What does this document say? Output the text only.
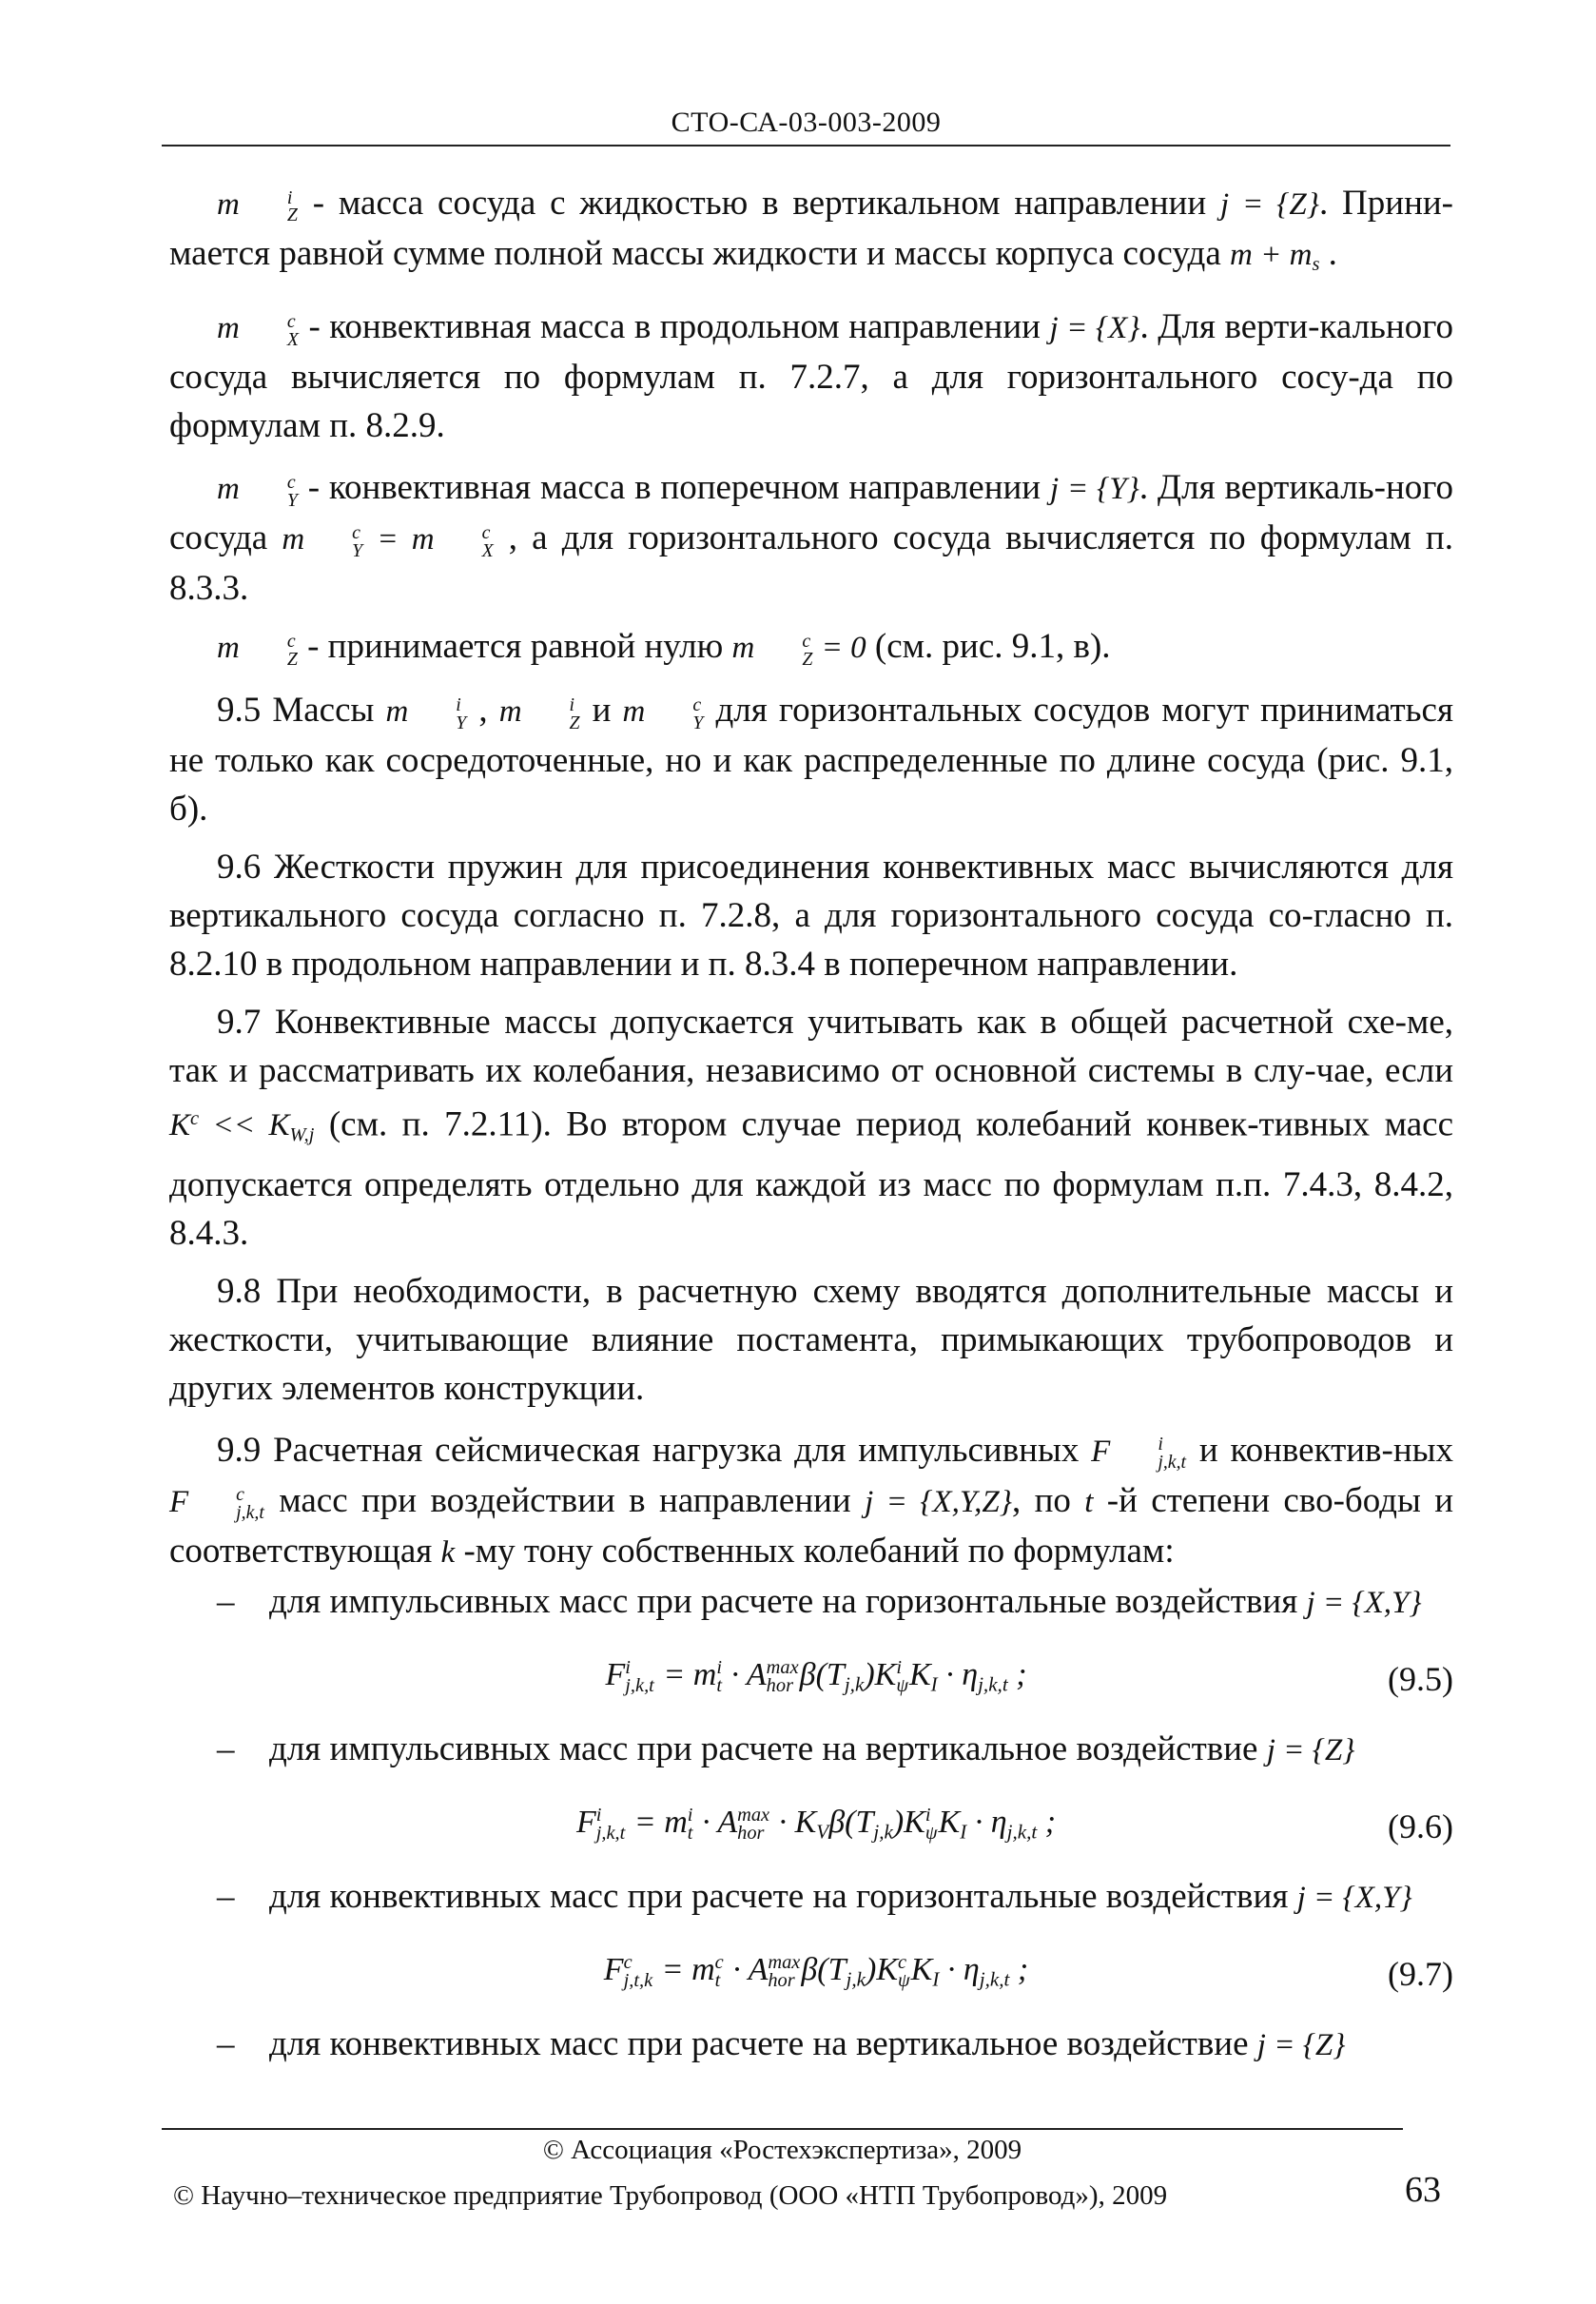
СТО-СА-03-003-2009

m	i
Z - масса сосуда с жидкостью в вертикальном направлении j = {Z}. Прини-мается равной сумме полной массы жидкости и массы корпуса сосуда $m + m_s$ .

m	c
X - конвективная масса в продольном направлении j = {X}. Для верти-кального сосуда вычисляется по формулам п. 7.2.7, а для горизонтального сосу-да по формулам п. 8.2.9.

m	c
Y - конвективная масса в поперечном направлении j = {Y}. Для вертикаль-ного сосуда m	c
Y = m	c
X , а для горизонтального сосуда вычисляется по формулам п. 8.3.3.

m	c
Z - принимается равной нулю m	c
Z = 0 (см. рис. 9.1, в).

9.5 Массы m	i
Y , m	i
Z и m	c
Y для горизонтальных сосудов могут приниматься не только как сосредоточенные, но и как распределенные по длине сосуда (рис. 9.1, б).

9.6 Жесткости пружин для присоединения конвективных масс вычисляются для вертикального сосуда согласно п. 7.2.8, а для горизонтального сосуда со-гласно п. 8.2.10 в продольном направлении и п. 8.3.4 в поперечном направлении.

9.7 Конвективные массы допускается учитывать как в общей расчетной схе-ме, так и рассматривать их колебания, независимо от основной системы в слу-чае, если $K^c << K_{W,j}$ (см. п. 7.2.11). Во втором случае период колебаний конвек-тивных масс допускается определять отдельно для каждой из масс по формулам п.п. 7.4.3, 8.4.2, 8.4.3.

9.8 При необходимости, в расчетную схему вводятся дополнительные массы и жесткости, учитывающие влияние постамента, примыкающих трубопроводов и других элементов конструкции.

9.9 Расчетная сейсмическая нагрузка для импульсивных F	i
j,k,t и конвектив-ных F	c
j,k,t масс при воздействии в направлении j = {X,Y,Z}, по t -й степени сво-боды и соответствующая k -му тону собственных колебаний по формулам:

– для импульсивных масс при расчете на горизонтальные воздействия j = {X,Y}

F i
j,k,t = m i
t · A max
hor $\beta(T_{j,k})K$ i
ψ $K_I \cdot \eta_{j,k,t}$ ;	(9.5)

– для импульсивных масс при расчете на вертикальное воздействие j = {Z}

F i
j,k,t = m i
t · A max
hor · $K_V\beta(T_{j,k})K$ i
ψ $K_I \cdot \eta_{j,k,t}$ ;	(9.6)

– для конвективных масс при расчете на горизонтальные воздействия j = {X,Y}

F c
j,t,k = m c
t · A max
hor $\beta(T_{j,k})K$ c
ψ $K_I \cdot \eta_{j,k,t}$ ;	(9.7)

– для конвективных масс при расчете на вертикальное воздействие j = {Z}

© Ассоциация «Ростехэкспертиза», 2009
© Научно–техническое предприятие Трубопровод (ООО «НТП Трубопровод»), 2009	63
